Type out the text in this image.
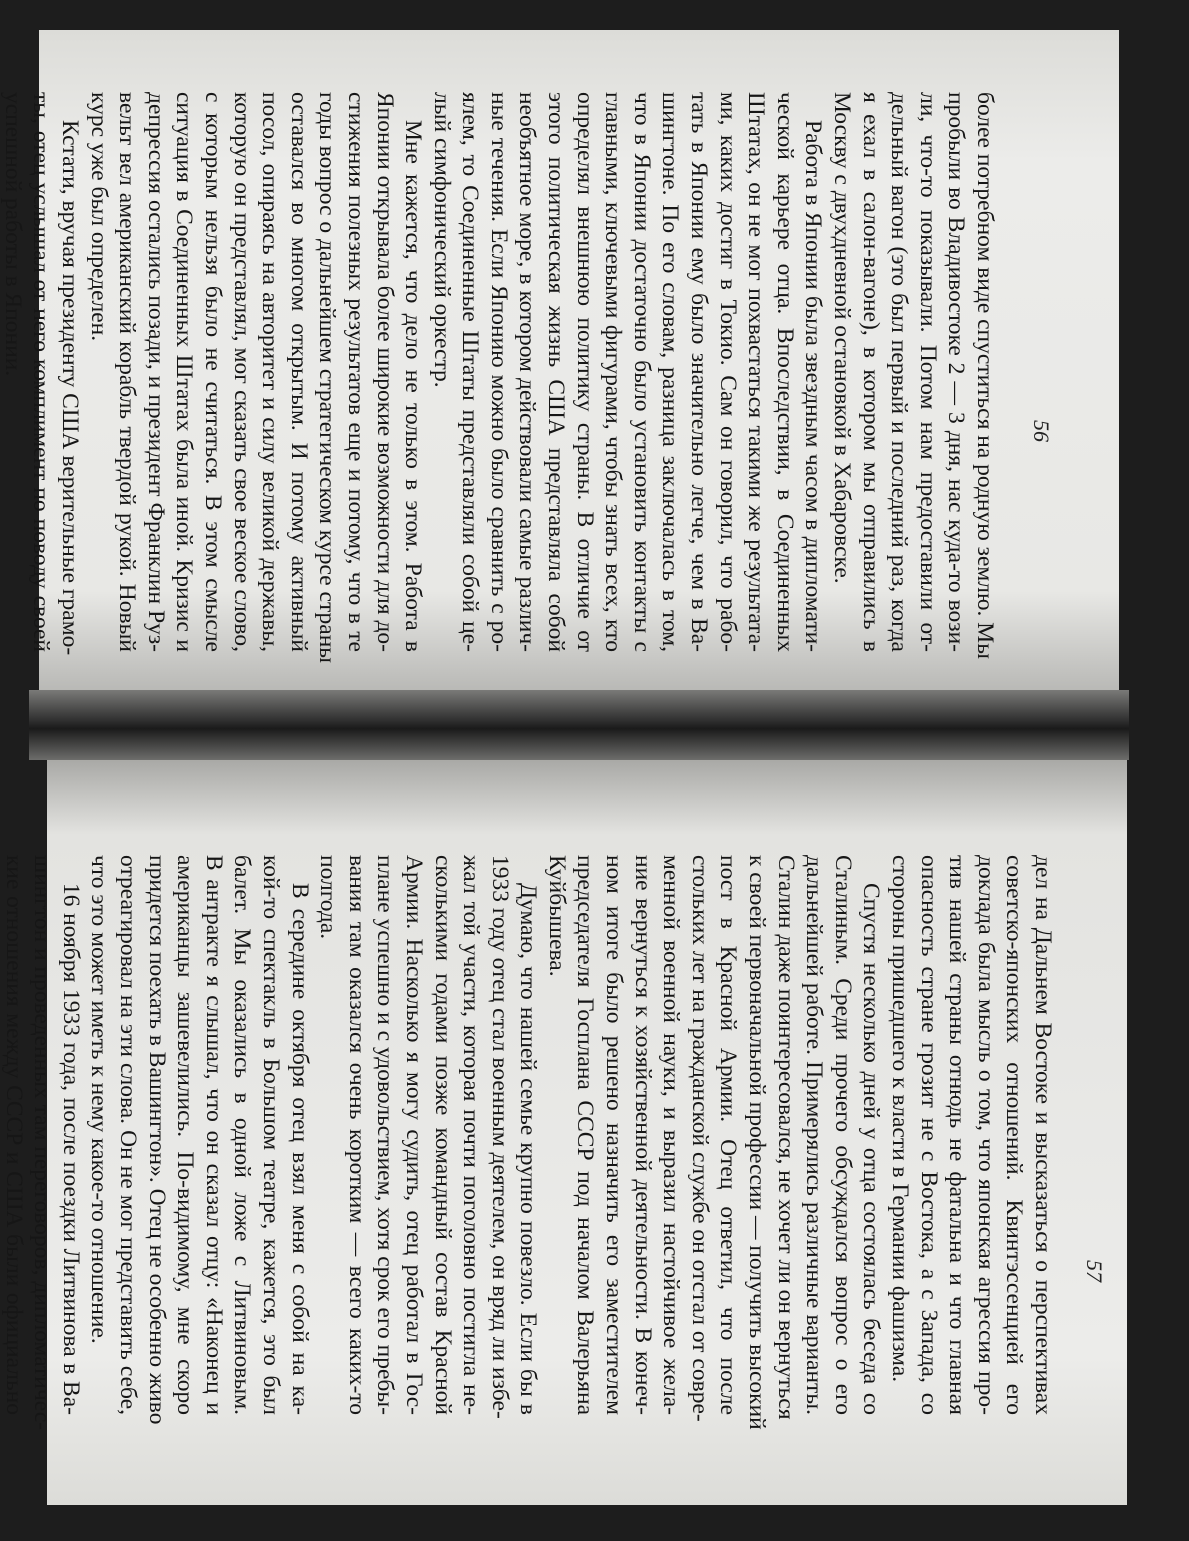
56
более потребном виде спуститься на родную землю. Мы
пробыли во Владивостоке 2 — 3 дня, нас куда-то вози-
ли, что-то показывали. Потом нам предоставили от-
дельный вагон (это был первый и последний раз, когда
я ехал в салон-вагоне), в котором мы отправились в
Москву с двухдневной остановкой в Хабаровске.
Работа в Японии была звездным часом в дипломати-
ческой карьере отца. Впоследствии, в Соединенных
Штатах, он не мог похвастаться такими же результата-
ми, каких достиг в Токио. Сам он говорил, что рабо-
тать в Японии ему было значительно легче, чем в Ва-
шингтоне. По его словам, разница заключалась в том,
что в Японии достаточно было установить контакты с
главными, ключевыми фигурами, чтобы знать всех, кто
определял внешнюю политику страны. В отличие от
этого политическая жизнь США представляла собой
необъятное море, в котором действовали самые различ-
ные течения. Если Японию можно было сравнить с ро-
ялем, то Соединенные Штаты представляли собой це-
лый симфонический оркестр.
Мне кажется, что дело не только в этом. Работа в
Японии открывала более широкие возможности для до-
стижения полезных результатов еще и потому, что в те
годы вопрос о дальнейшем стратегическом курсе страны
оставался во многом открытым. И потому активный
посол, опираясь на авторитет и силу великой державы,
которую он представлял, мог сказать свое веское слово,
с которым нельзя было не считаться. В этом смысле
ситуация в Соединенных Штатах была иной. Кризис и
депрессия остались позади, и президент Франклин Руз-
вельт вел американский корабль твердой рукой. Новый
курс уже был определен.
Кстати, вручая президенту США верительные грамо-
ты, отец услышал от него комплимент по поводу своей
успешной работы в Японии.
57
дел на Дальнем Востоке и высказаться о перспективах
советско-японских отношений. Квинтэссенцией его
доклада была мысль о том, что японская агрессия про-
тив нашей страны отнюдь не фатальна и что главная
опасность стране грозит не с Востока, а с Запада, со
стороны пришедшего к власти в Германии фашизма.
Спустя несколько дней у отца состоялась беседа со
Сталиным. Среди прочего обсуждался вопрос о его
дальнейшей работе. Примерялись различные варианты.
Сталин даже поинтересовался, не хочет ли он вернуться
к своей первоначальной профессии — получить высокий
пост в Красной Армии. Отец ответил, что после
стольких лет на гражданской службе он отстал от совре-
менной военной науки, и выразил настойчивое жела-
ние вернуться к хозяйственной деятельности. В конеч-
ном итоге было решено назначить его заместителем
председателя Госплана СССР под началом Валерьяна
Куйбышева.
Думаю, что нашей семье крупно повезло. Если бы в
1933 году отец стал военным деятелем, он вряд ли избе-
жал той участи, которая почти поголовно постигла не-
сколькими годами позже командный состав Красной
Армии. Насколько я могу судить, отец работал в Гос-
плане успешно и с удовольствием, хотя срок его пребы-
вания там оказался очень коротким — всего каких-то
полгода.
В середине октября отец взял меня с собой на ка-
кой-то спектакль в Большом театре, кажется, это был
балет. Мы оказались в одной ложе с Литвиновым.
В антракте я слышал, что он сказал отцу: «Наконец и
американцы зашевелились. По-видимому, мне скоро
придется поехать в Вашингтон». Отец не особенно живо
отреагировал на эти слова. Он не мог представить себе,
что это может иметь к нему какое-то отношение.
16 ноября 1933 года, после поездки Литвинова в Ва-
шингтон и проведенных там переговоров, дипломатичес-
кие отношения между СССР и США были официально
